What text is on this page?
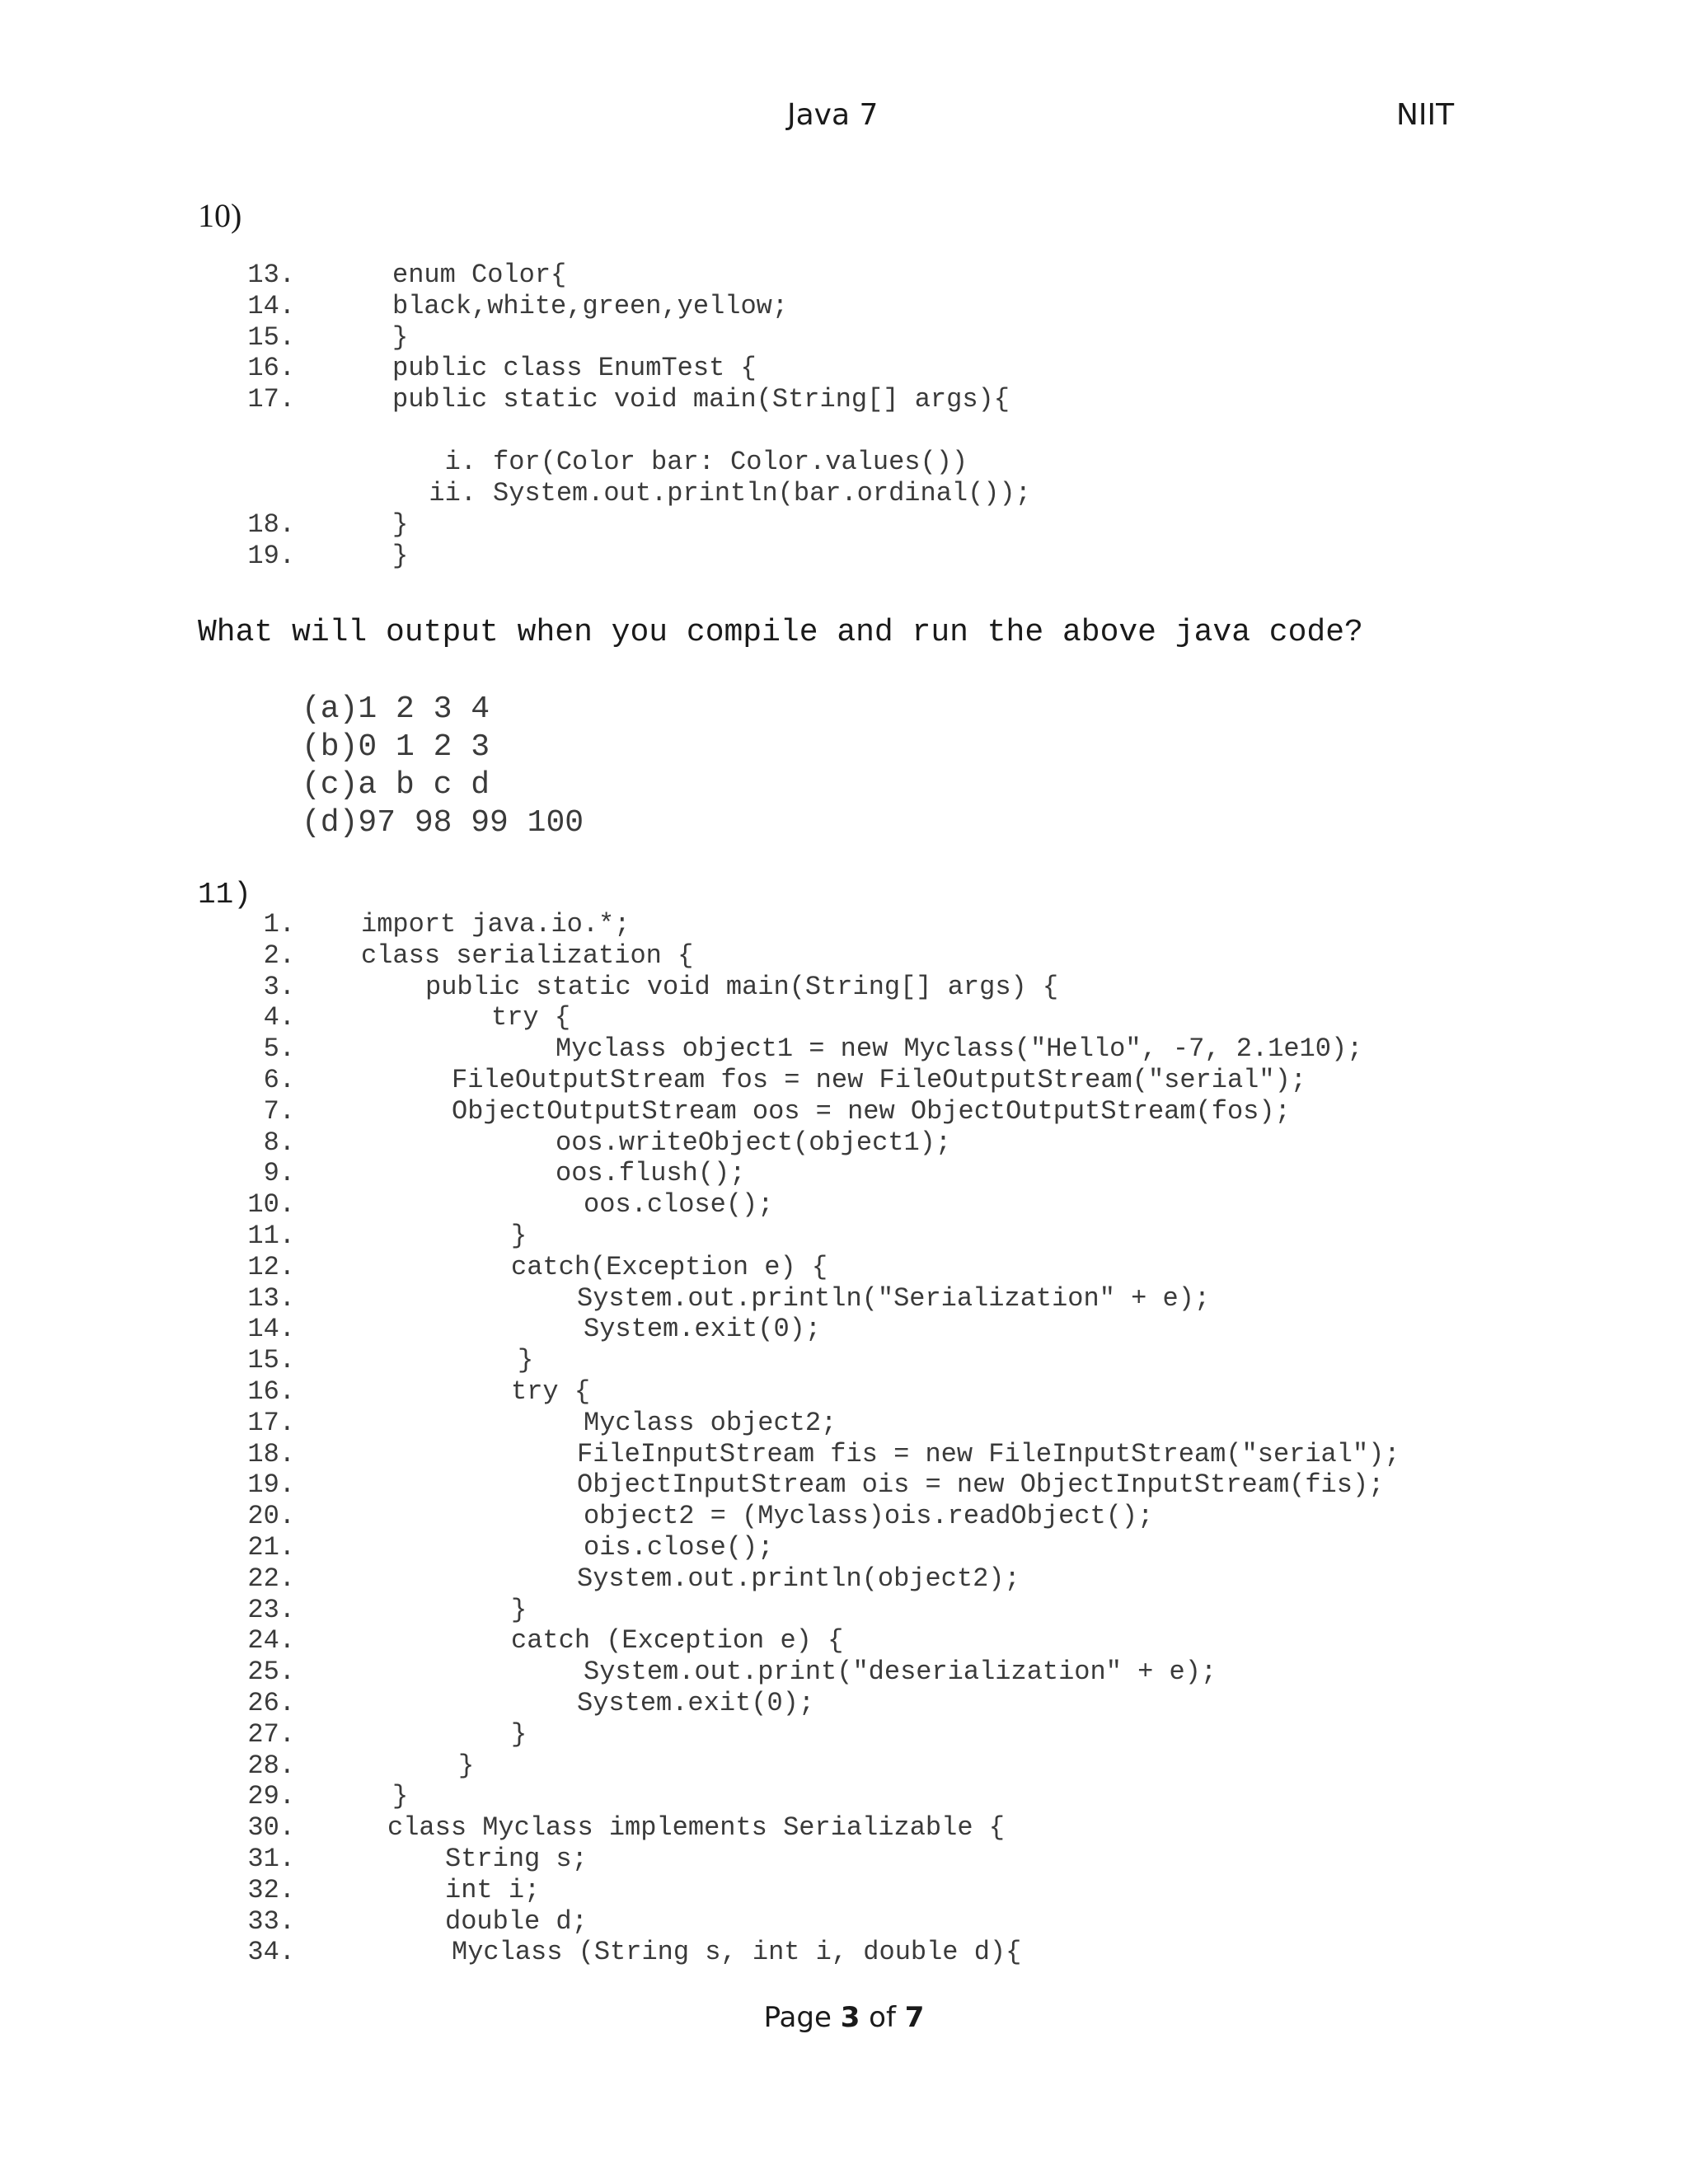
Java 7	NIIT
10)
13.	enum Color{
14.	black,white,green,yellow;
15.	}
16.	public class EnumTest {
17.	public static void main(String[] args){
i. for(Color bar: Color.values())
ii. System.out.println(bar.ordinal());
18.	}
19.	}
What will output when you compile and run the above java code?
(a)1 2 3 4
(b)0 1 2 3
(c)a b c d
(d)97 98 99 100
11)
1.	import java.io.*;
2.	class serialization {
3.	public static void main(String[] args) {
4.	try {
5.	Myclass object1 = new Myclass("Hello", -7, 2.1e10);
6.	FileOutputStream fos = new FileOutputStream("serial");
7.	ObjectOutputStream oos = new ObjectOutputStream(fos);
8.	oos.writeObject(object1);
9.	oos.flush();
10.	oos.close();
11.	}
12.	catch(Exception e) {
13.	System.out.println("Serialization" + e);
14.	System.exit(0);
15.	}
16.	try {
17.	Myclass object2;
18.	FileInputStream fis = new FileInputStream("serial");
19.	ObjectInputStream ois = new ObjectInputStream(fis);
20.	object2 = (Myclass)ois.readObject();
21.	ois.close();
22.	System.out.println(object2);
23.	}
24.	catch (Exception e) {
25.	System.out.print("deserialization" + e);
26.	System.exit(0);
27.	}
28.	}
29.	}
30.	class Myclass implements Serializable {
31.	String s;
32.	int i;
33.	double d;
34.	Myclass (String s, int i, double d){
Page 3 of 7
